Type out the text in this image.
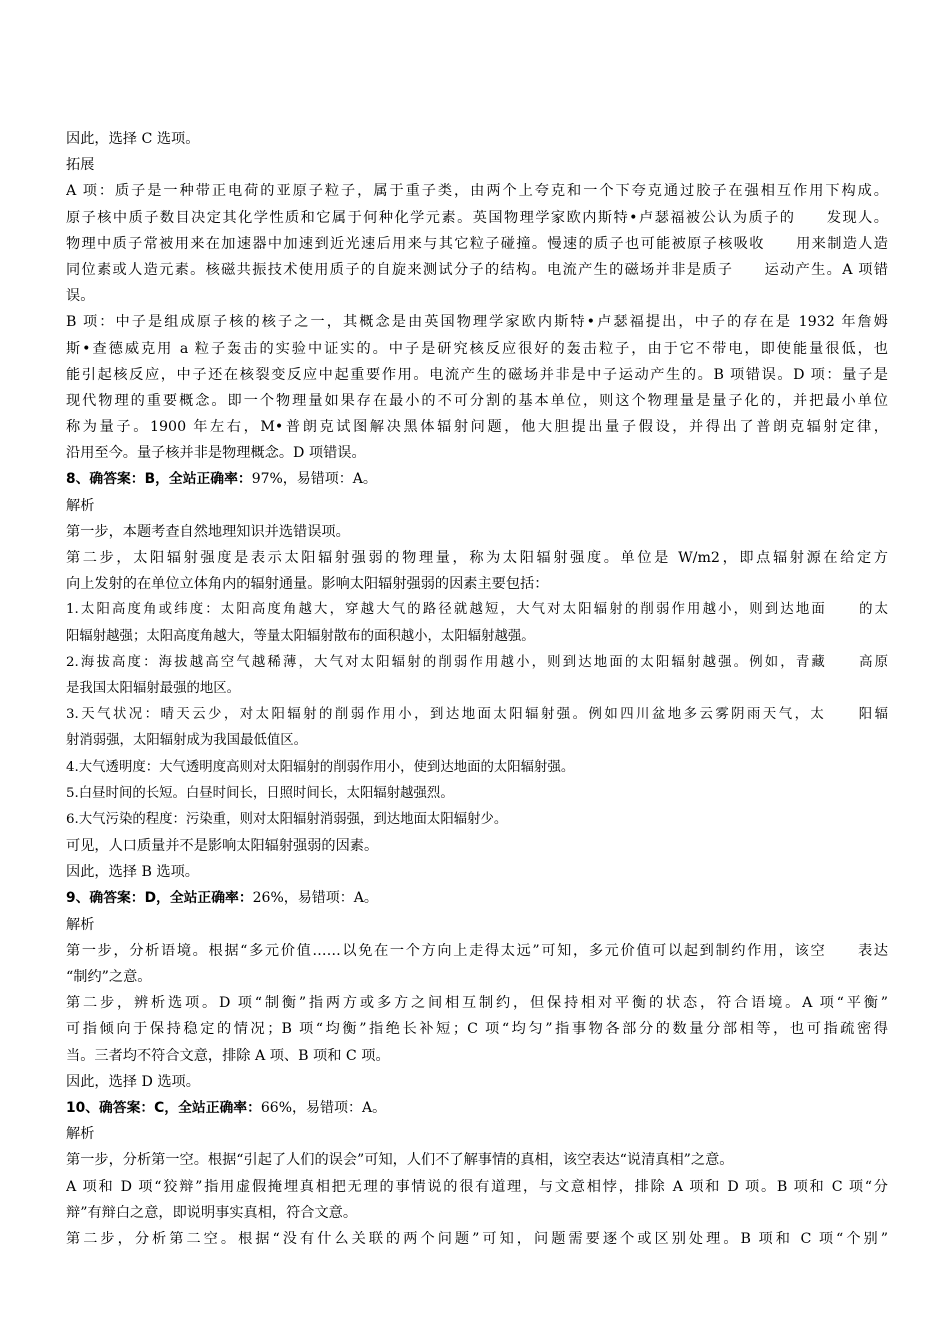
因此，选择 C 选项。
拓展
A 项：质子是一种带正电荷的亚原子粒子，属于重子类，由两个上夸克和一个下夸克通过胶子在强相互作用下构成。
原子核中质子数目决定其化学性质和它属于何种化学元素。英国物理学家欧内斯特•卢瑟福被公认为质子的 发现人。
物理中质子常被用来在加速器中加速到近光速后用来与其它粒子碰撞。慢速的质子也可能被原子核吸收 用来制造人造
同位素或人造元素。核磁共振技术使用质子的自旋来测试分子的结构。电流产生的磁场并非是质子 运动产生。A 项错
误。
B 项：中子是组成原子核的核子之一，其概念是由英国物理学家欧内斯特•卢瑟福提出，中子的存在是 1932 年詹姆
斯•查德威克用 a 粒子轰击的实验中证实的。中子是研究核反应很好的轰击粒子，由于它不带电，即使能量很低，也
能引起核反应，中子还在核裂变反应中起重要作用。电流产生的磁场并非是中子运动产生的。B 项错误。D 项：量子是
现代物理的重要概念。即一个物理量如果存在最小的不可分割的基本单位，则这个物理量是量子化的，并把最小单位
称为量子。1900 年左右，M•普朗克试图解决黑体辐射问题，他大胆提出量子假设，并得出了普朗克辐射定律，
沿用至今。量子核并非是物理概念。D 项错误。
8、确答案：B，全站正确率：97%，易错项：A。
解析
第一步，本题考查自然地理知识并选错误项。
第二步，太阳辐射强度是表示太阳辐射强弱的物理量，称为太阳辐射强度。单位是 W/m2，即点辐射源在给定方
向上发射的在单位立体角内的辐射通量。影响太阳辐射强弱的因素主要包括：
1.太阳高度角或纬度：太阳高度角越大，穿越大气的路径就越短，大气对太阳辐射的削弱作用越小，则到达地面 的太
阳辐射越强；太阳高度角越大，等量太阳辐射散布的面积越小，太阳辐射越强。
2.海拔高度：海拔越高空气越稀薄，大气对太阳辐射的削弱作用越小，则到达地面的太阳辐射越强。例如，青藏 高原
是我国太阳辐射最强的地区。
3.天气状况：晴天云少，对太阳辐射的削弱作用小，到达地面太阳辐射强。例如四川盆地多云雾阴雨天气，太 阳辐
射消弱强，太阳辐射成为我国最低值区。
4.大气透明度：大气透明度高则对太阳辐射的削弱作用小，使到达地面的太阳辐射强。
5.白昼时间的长短。白昼时间长，日照时间长，太阳辐射越强烈。
6.大气污染的程度：污染重，则对太阳辐射消弱强，到达地面太阳辐射少。
可见，人口质量并不是影响太阳辐射强弱的因素。
因此，选择 B 选项。
9、确答案：D，全站正确率：26%，易错项：A。
解析
第一步，分析语境。根据“多元价值……以免在一个方向上走得太远”可知，多元价值可以起到制约作用，该空 表达
“制约”之意。
第二步，辨析选项。D 项“制衡”指两方或多方之间相互制约，但保持相对平衡的状态，符合语境。A 项“平衡”
可指倾向于保持稳定的情况；B 项“均衡”指绝长补短；C 项“均匀”指事物各部分的数量分部相等，也可指疏密得
当。三者均不符合文意，排除 A 项、B 项和 C 项。
因此，选择 D 选项。
10、确答案：C，全站正确率：66%，易错项：A。
解析
第一步，分析第一空。根据“引起了人们的误会”可知，人们不了解事情的真相，该空表达“说清真相”之意。
A 项和 D 项“狡辩”指用虚假掩埋真相把无理的事情说的很有道理，与文意相悖，排除 A 项和 D 项。B 项和 C 项“分
辩”有辩白之意，即说明事实真相，符合文意。
第二步，分析第二空。根据“没有什么关联的两个问题”可知，问题需要逐个或区别处理。B 项和 C 项“个别”
